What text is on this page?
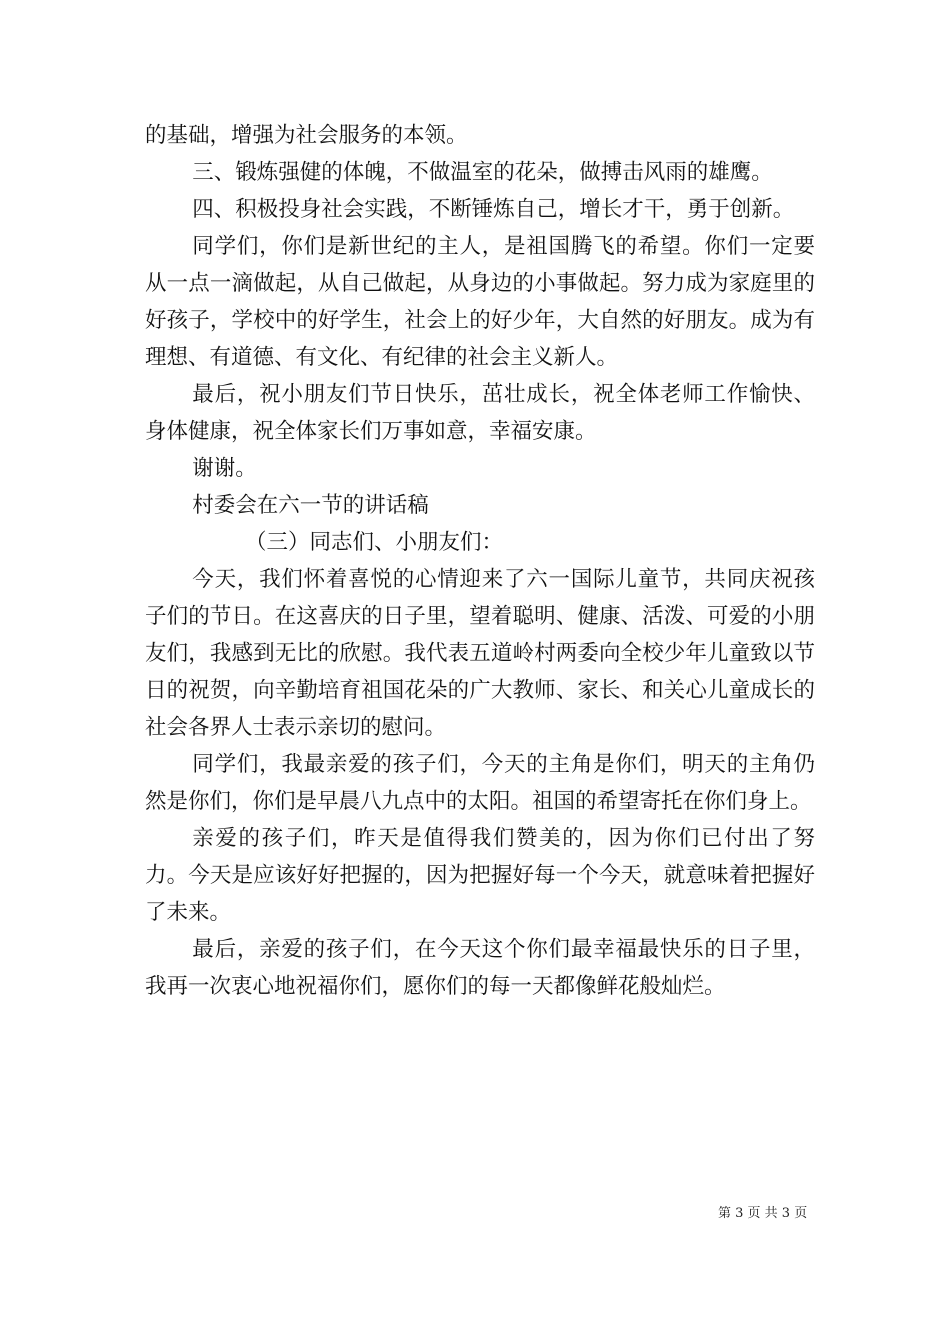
的基础，增强为社会服务的本领。

三、锻炼强健的体魄，不做温室的花朵，做搏击风雨的雄鹰。

四、积极投身社会实践，不断锤炼自己，增长才干，勇于创新。

同学们，你们是新世纪的主人，是祖国腾飞的希望。你们一定要从一点一滴做起，从自己做起，从身边的小事做起。努力成为家庭里的好孩子，学校中的好学生，社会上的好少年，大自然的好朋友。成为有理想、有道德、有文化、有纪律的社会主义新人。

最后，祝小朋友们节日快乐，茁壮成长，祝全体老师工作愉快、身体健康，祝全体家长们万事如意，幸福安康。

谢谢。

村委会在六一节的讲话稿

（三）同志们、小朋友们：

今天，我们怀着喜悦的心情迎来了六一国际儿童节，共同庆祝孩子们的节日。在这喜庆的日子里，望着聪明、健康、活泼、可爱的小朋友们，我感到无比的欣慰。我代表五道岭村两委向全校少年儿童致以节日的祝贺，向辛勤培育祖国花朵的广大教师、家长、和关心儿童成长的社会各界人士表示亲切的慰问。

同学们，我最亲爱的孩子们，今天的主角是你们，明天的主角仍然是你们，你们是早晨八九点中的太阳。祖国的希望寄托在你们身上。

亲爱的孩子们，昨天是值得我们赞美的，因为你们已付出了努力。今天是应该好好把握的，因为把握好每一个今天，就意味着把握好了未来。

最后，亲爱的孩子们，在今天这个你们最幸福最快乐的日子里，我再一次衷心地祝福你们，愿你们的每一天都像鲜花般灿烂。

第 3 页 共 3 页
